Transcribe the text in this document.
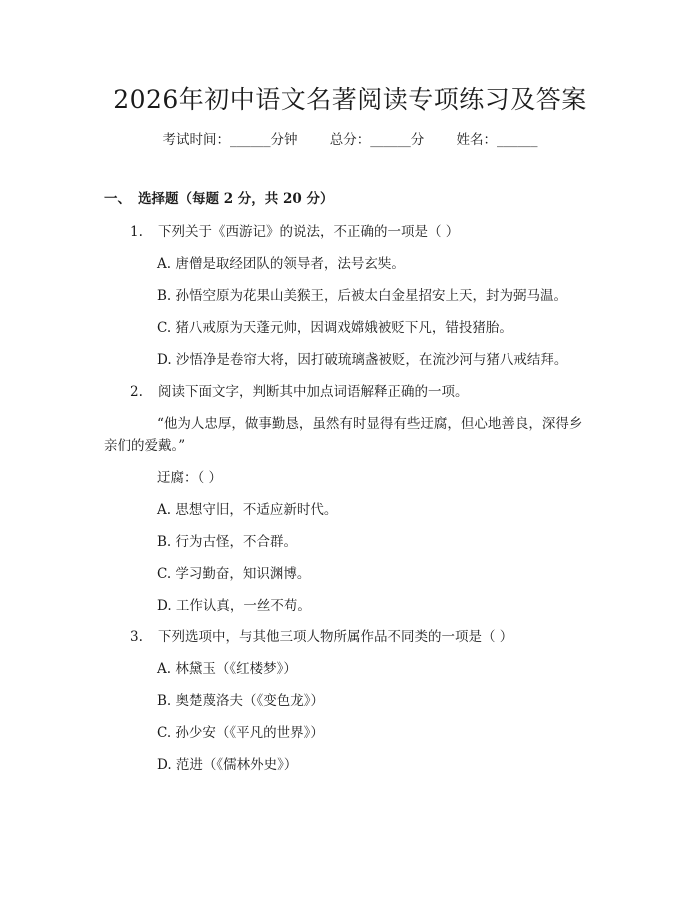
2026年初中语文名著阅读专项练习及答案
考试时间：______分钟 总分：______分 姓名：______
一、 选择题（每题 2 分，共 20 分）
1. 下列关于《西游记》的说法，不正确的一项是（ ）
A. 唐僧是取经团队的领导者，法号玄奘。
B. 孙悟空原为花果山美猴王，后被太白金星招安上天，封为弼马温。
C. 猪八戒原为天蓬元帅，因调戏嫦娥被贬下凡，错投猪胎。
D. 沙悟净是卷帘大将，因打破琉璃盏被贬，在流沙河与猪八戒结拜。
2. 阅读下面文字，判断其中加点词语解释正确的一项。
“他为人忠厚，做事勤恳，虽然有时显得有些迂腐，但心地善良，深得乡
亲们的爱戴。”
迂腐：（ ）
A. 思想守旧，不适应新时代。
B. 行为古怪，不合群。
C. 学习勤奋，知识渊博。
D. 工作认真，一丝不苟。
3. 下列选项中，与其他三项人物所属作品不同类的一项是（ ）
A. 林黛玉（《红楼梦》）
B. 奥楚蔑洛夫（《变色龙》）
C. 孙少安（《平凡的世界》）
D. 范进（《儒林外史》）
